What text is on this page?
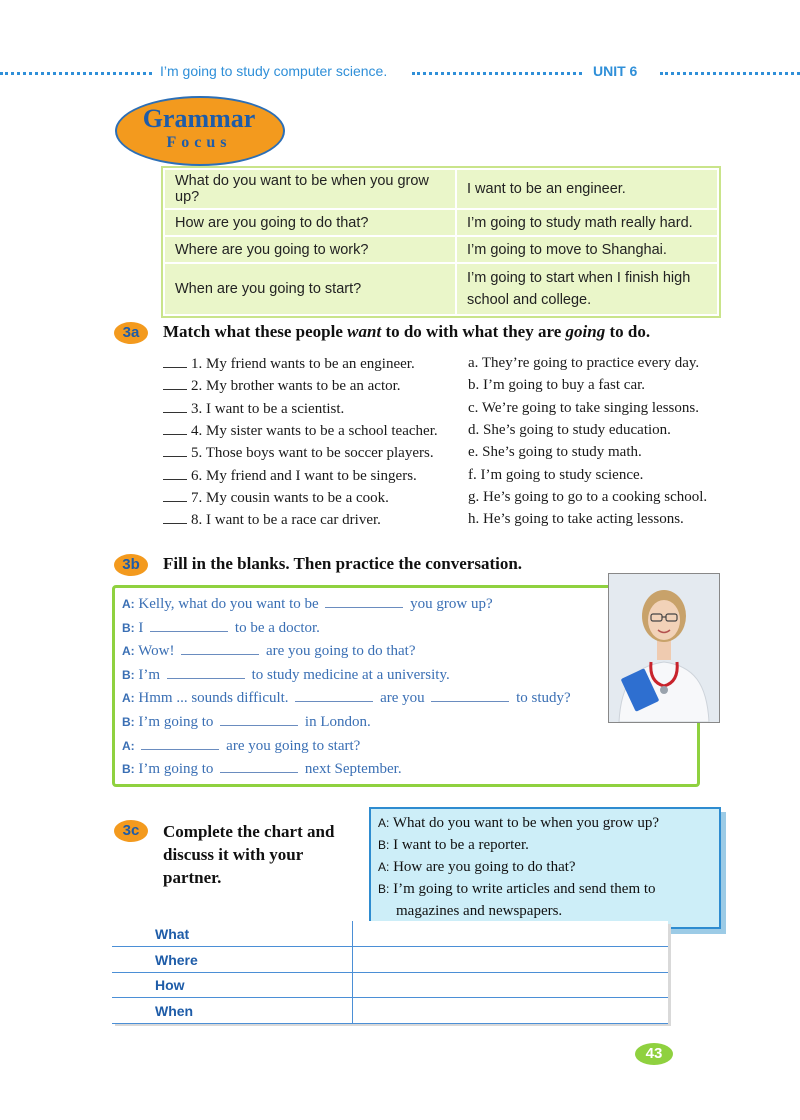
I’m going to study computer science.	UNIT 6
Grammar
Focus
What do you want to be when you grow up?	I want to be an engineer.
How are you going to do that?	I’m going to study math really hard.
Where are you going to work?	I’m going to move to Shanghai.
When are you going to start?	I’m going to start when I finish high school and college.
3a	Match what these people want to do with what they are going to do.
1. My friend wants to be an engineer.
2. My brother wants to be an actor.
3. I want to be a scientist.
4. My sister wants to be a school teacher.
5. Those boys want to be soccer players.
6. My friend and I want to be singers.
7. My cousin wants to be a cook.
8. I want to be a race car driver.
a. They’re going to practice every day.
b. I’m going to buy a fast car.
c. We’re going to take singing lessons.
d. She’s going to study education.
e. She’s going to study math.
f. I’m going to study science.
g. He’s going to go to a cooking school.
h. He’s going to take acting lessons.
3b	Fill in the blanks. Then practice the conversation.
A: Kelly, what do you want to be	you grow up?
B: I	to be a doctor.
A: Wow!	are you going to do that?
B: I’m	to study medicine at a university.
A: Hmm ... sounds difficult.	are you	to study?
B: I’m going to	in London.
A:	are you going to start?
B: I’m going to	next September.
3c	Complete the chart and
discuss it with your
partner.
A: What do you want to be when you grow up?
B: I want to be a reporter.
A: How are you going to do that?
B: I’m going to write articles and send them to
magazines and newspapers.
What
Where
How
When
43
